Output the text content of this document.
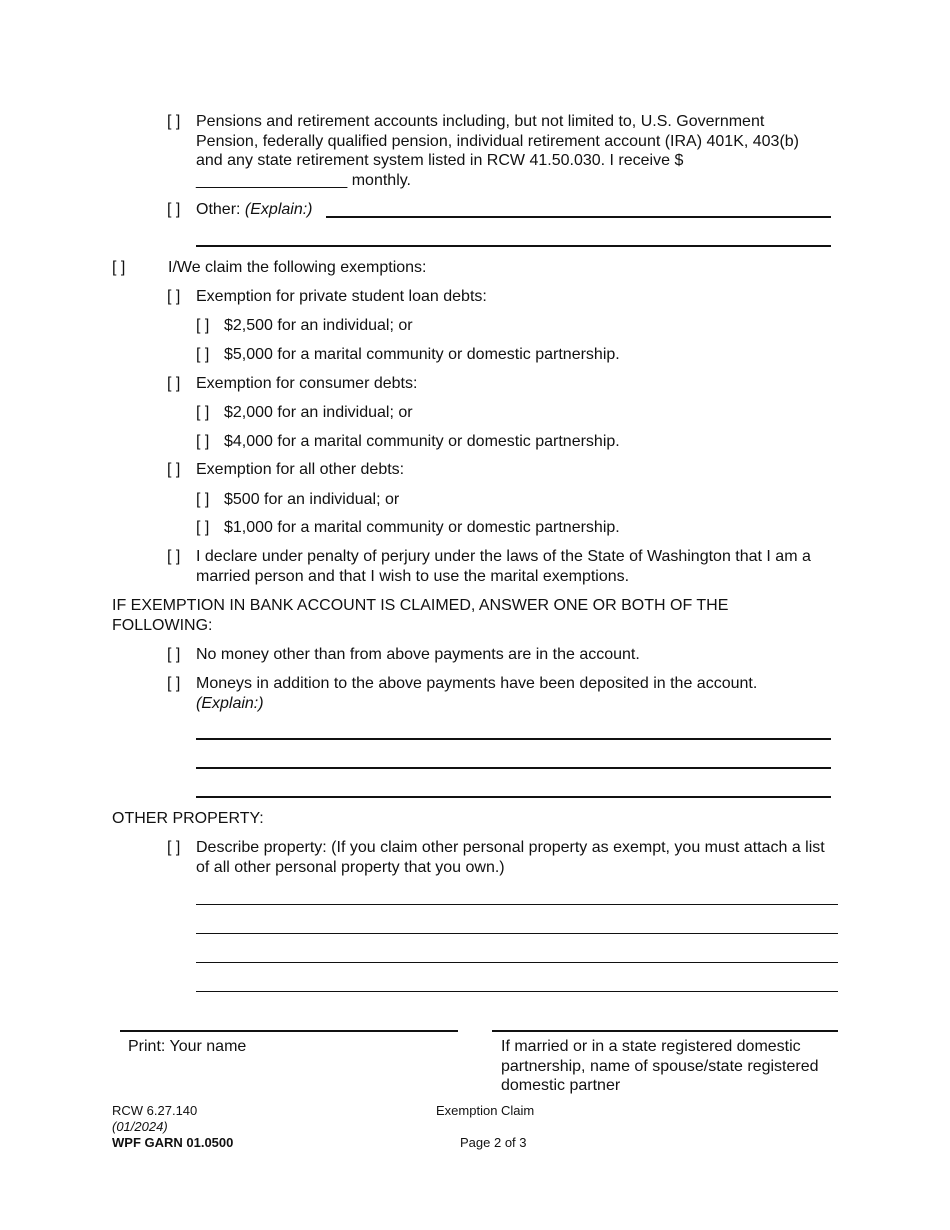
[ ] Pensions and retirement accounts including, but not limited to, U.S. Government Pension, federally qualified pension, individual retirement account (IRA) 401K, 403(b) and any state retirement system listed in RCW 41.50.030. I receive $ _________________ monthly.
[ ] Other: (Explain:)
[ ]	I/We claim the following exemptions:
[ ] Exemption for private student loan debts:
[ ] $2,500 for an individual; or
[ ] $5,000 for a marital community or domestic partnership.
[ ] Exemption for consumer debts:
[ ] $2,000 for an individual; or
[ ] $4,000 for a marital community or domestic partnership.
[ ] Exemption for all other debts:
[ ] $500 for an individual; or
[ ] $1,000 for a marital community or domestic partnership.
[ ] I declare under penalty of perjury under the laws of the State of Washington that I am a married person and that I wish to use the marital exemptions.
IF EXEMPTION IN BANK ACCOUNT IS CLAIMED, ANSWER ONE OR BOTH OF THE FOLLOWING:
[ ] No money other than from above payments are in the account.
[ ] Moneys in addition to the above payments have been deposited in the account.
(Explain:)
OTHER PROPERTY:
[ ] Describe property: (If you claim other personal property as exempt, you must attach a list of all other personal property that you own.)
Print: Your name	If married or in a state registered domestic partnership, name of spouse/state registered domestic partner
RCW 6.27.140
(01/2024)
WPF GARN 01.0500
Exemption Claim
Page 2 of 3
